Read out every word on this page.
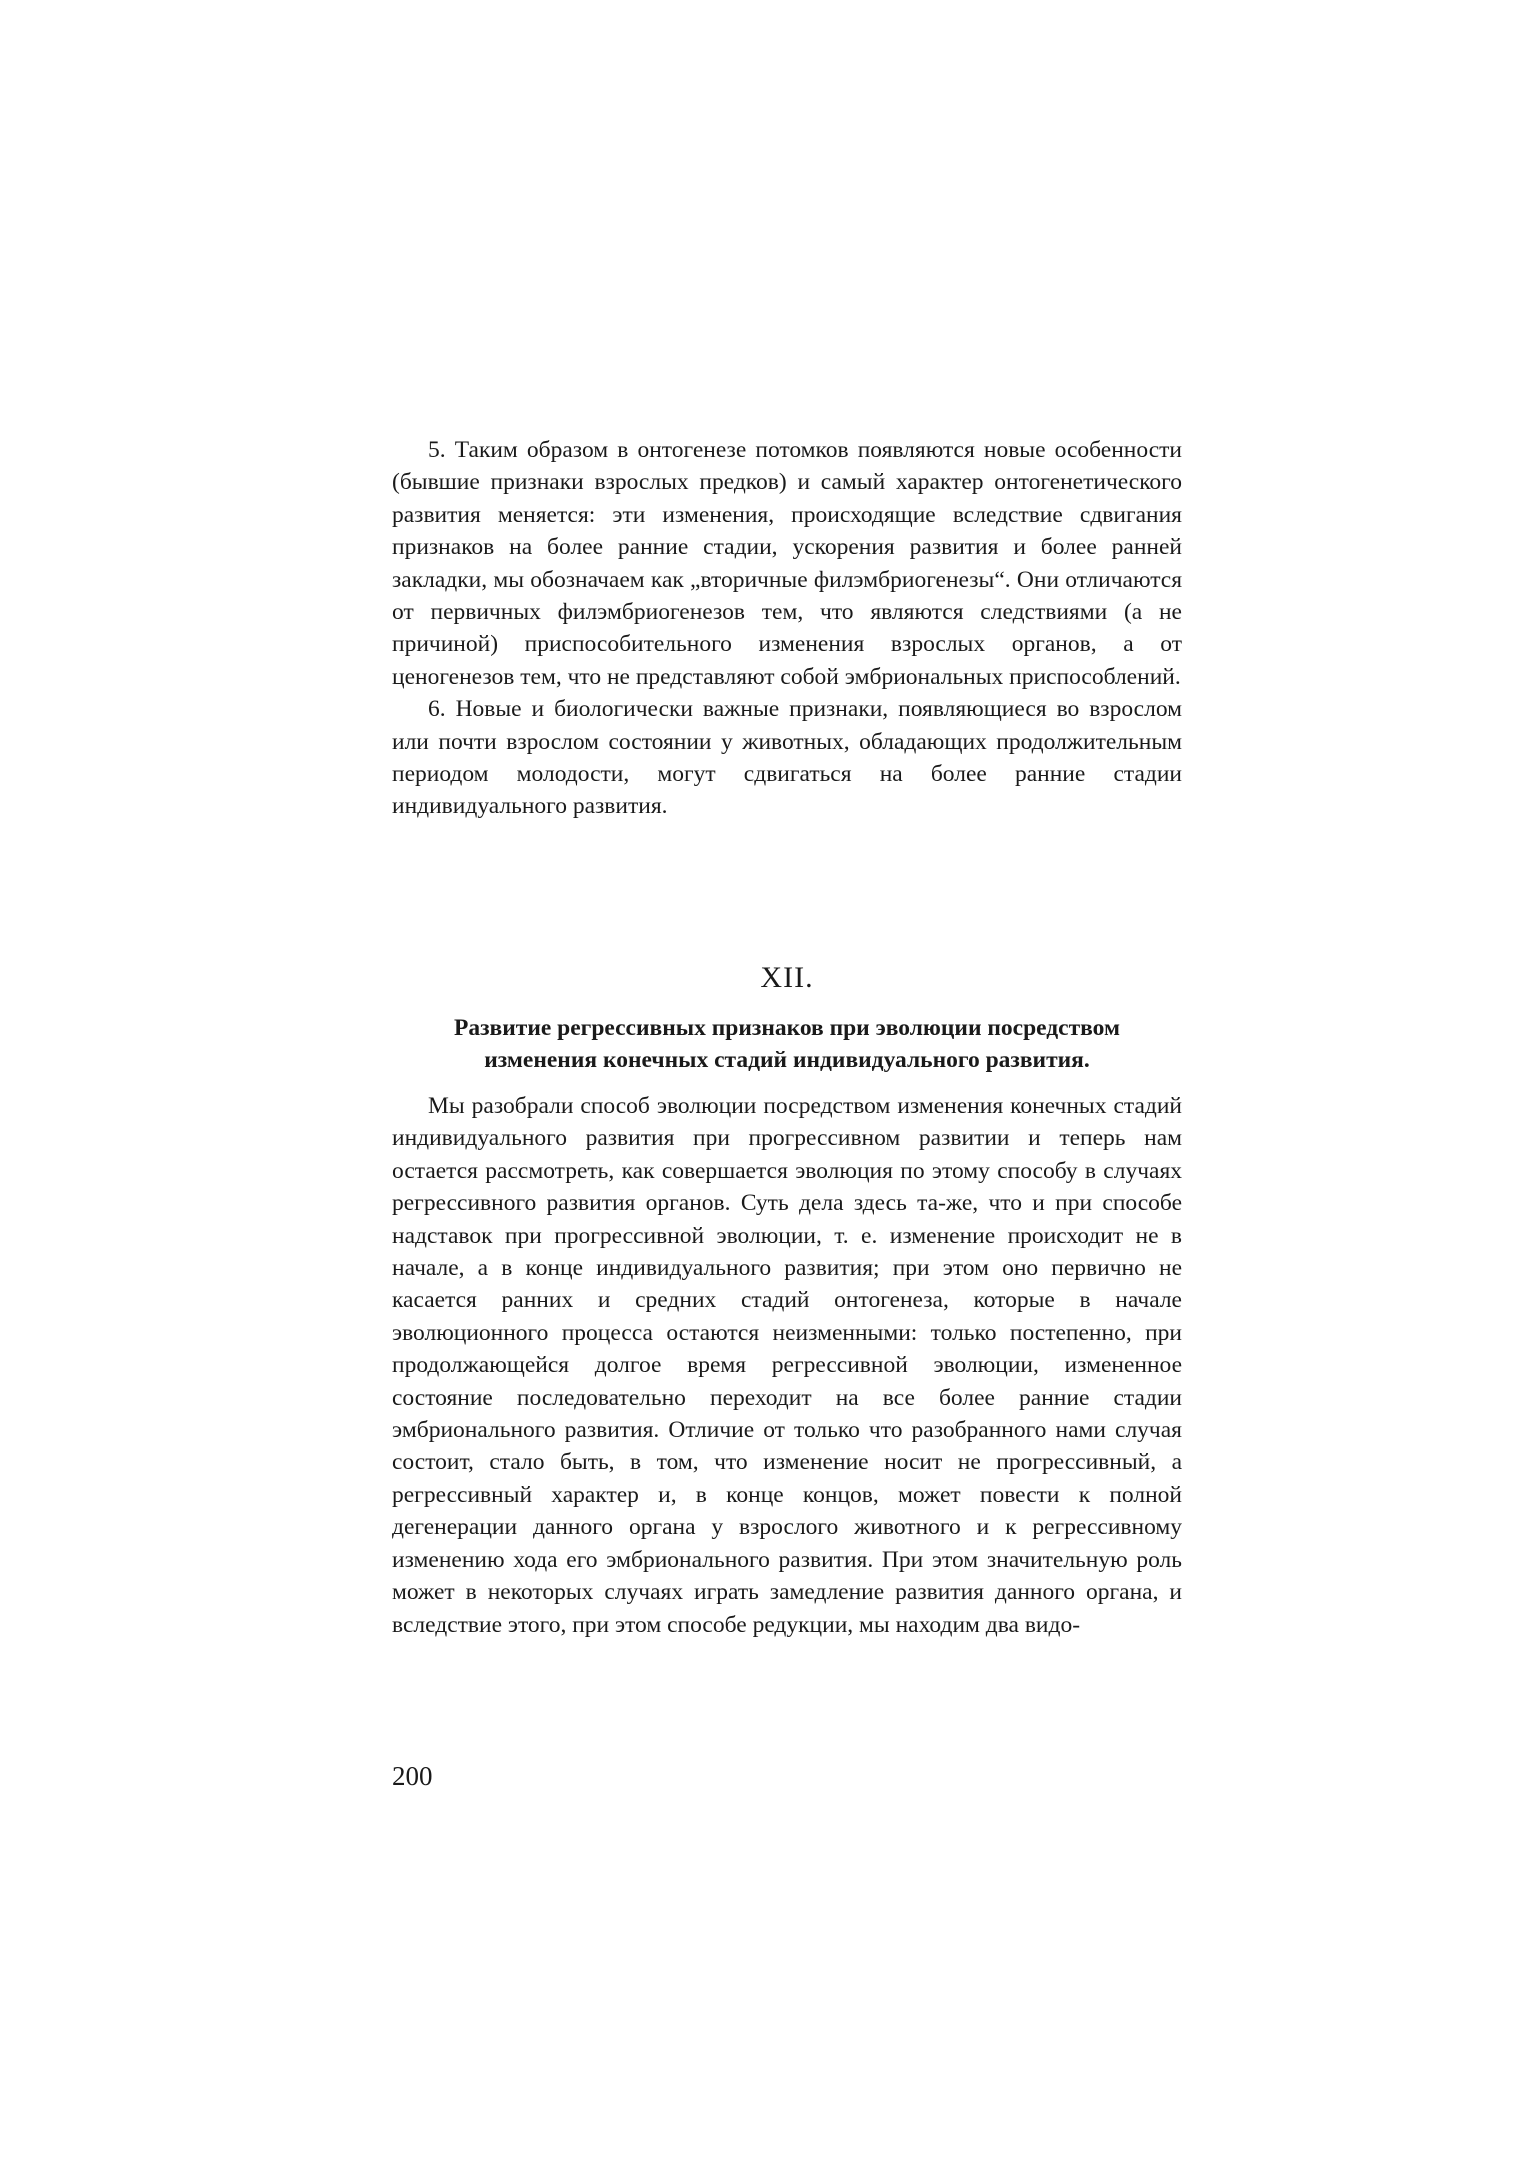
5. Таким образом в онтогенезе потомков появляются новые особенности (бывшие признаки взрослых предков) и самый характер онтогенетического развития меняется: эти изменения, происходящие вследствие сдвигания признаков на более ранние стадии, ускорения развития и более ранней закладки, мы обозначаем как „вторичные филэмбриогенезы“. Они отличаются от первичных филэмбриогенезов тем, что являются следствиями (а не причиной) приспособительного изменения взрослых органов, а от ценогенезов тем, что не представляют собой эмбриональных приспособлений.

6. Новые и биологически важные признаки, появляющиеся во взрослом или почти взрослом состоянии у животных, обладающих продолжительным периодом молодости, могут сдвигаться на более ранние стадии индивидуального развития.

XII.
Развитие регрессивных признаков при эволюции посредством
изменения конечных стадий индивидуального развития.

Мы разобрали способ эволюции посредством изменения конечных стадий индивидуального развития при прогрессивном развитии и теперь нам остается рассмотреть, как совершается эволюция по этому способу в случаях регрессивного развития органов. Суть дела здесь та-же, что и при способе надставок при прогрессивной эволюции, т. е. изменение происходит не в начале, а в конце индивидуального развития; при этом оно первично не касается ранних и средних стадий онтогенеза, которые в начале эволюционного процесса остаются неизменными: только постепенно, при продолжающейся долгое время регрессивной эволюции, измененное состояние последовательно переходит на все более ранние стадии эмбрионального развития. Отличие от только что разобранного нами случая состоит, стало быть, в том, что изменение носит не прогрессивный, а регрессивный характер и, в конце концов, может повести к полной дегенерации данного органа у взрослого животного и к регрессивному изменению хода его эмбрионального развития. При этом значительную роль может в некоторых случаях играть замедление развития данного органа, и вследствие этого, при этом способе редукции, мы находим два видо-

200
